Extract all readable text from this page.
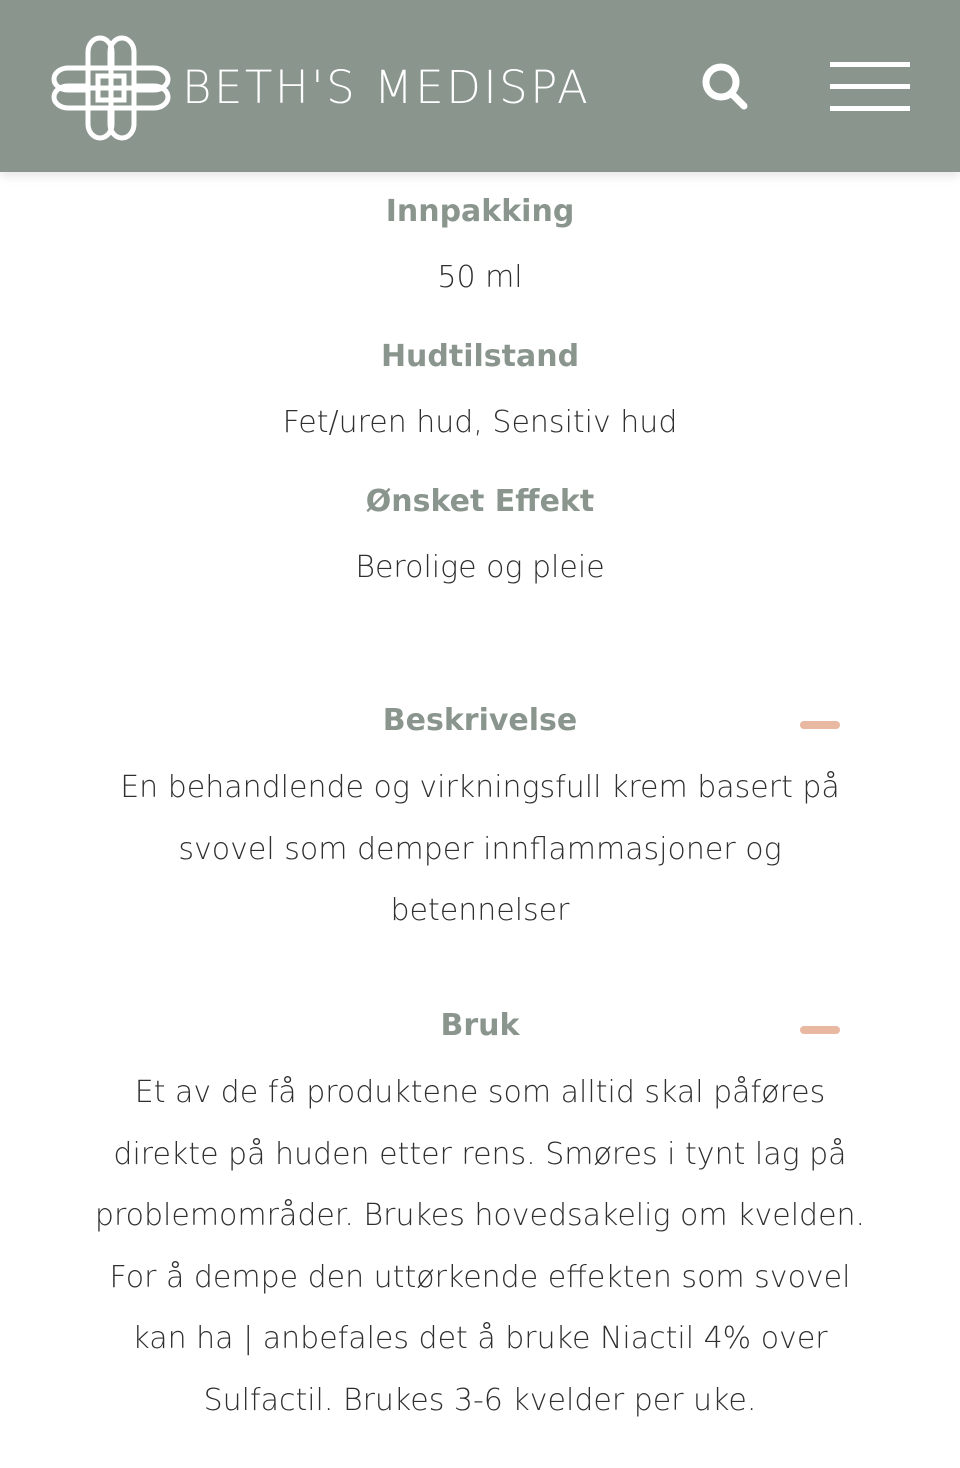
BETH'S MEDISPA
Innpakking
50 ml
Hudtilstand
Fet/uren hud, Sensitiv hud
Ønsket Effekt
Berolige og pleie
Beskrivelse
En behandlende og virkningsfull krem basert på
svovel som demper innflammasjoner og
betennelser
Bruk
Et av de få produktene som alltid skal påføres
direkte på huden etter rens. Smøres i tynt lag på
problemområder. Brukes hovedsakelig om kvelden.
For å dempe den uttørkende effekten som svovel
kan ha | anbefales det å bruke Niactil 4% over
Sulfactil. Brukes 3-6 kvelder per uke.
